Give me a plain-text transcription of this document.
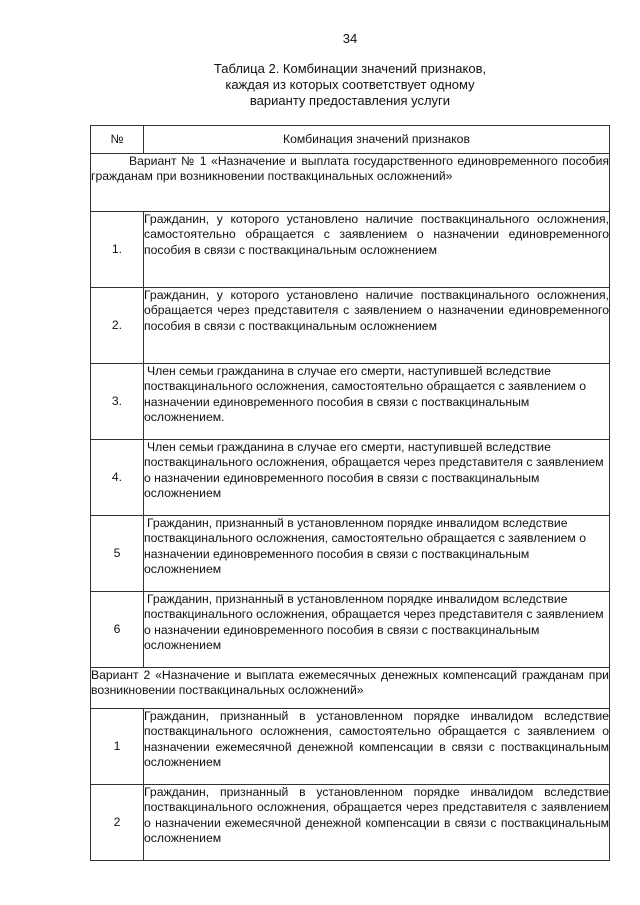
34
Таблица 2. Комбинации значений признаков,
каждая из которых соответствует одному
варианту предоставления услуги
№	Комбинация значений признаков

Вариант № 1 «Назначение и выплата государственного единовременного пособия гражданам при возникновении поствакцинальных осложнений»	

1.	Гражданин, у которого установлено наличие поствакцинального осложнения, самостоятельно обращается с заявлением о назначении единовременного пособия в связи с поствакцинальным осложнением

2.	Гражданин, у которого установлено наличие поствакцинального осложнения, обращается через представителя с заявлением о назначении единовременного пособия в связи с поствакцинальным осложнением

3.	Член семьи гражданина в случае его смерти, наступившей вследствие поствакцинального осложнения, самостоятельно обращается с заявлением о назначении единовременного пособия в связи с поствакцинальным осложнением.

4.	Член семьи гражданина в случае его смерти, наступившей вследствие поствакцинального осложнения, обращается через представителя с заявлением о назначении единовременного пособия в связи с поствакцинальным осложнением

5	Гражданин, признанный в установленном порядке инвалидом вследствие поствакцинального осложнения, самостоятельно обращается с заявлением о назначении единовременного пособия в связи с поствакцинальным осложнением

6	Гражданин, признанный в установленном порядке инвалидом вследствие поствакцинального осложнения, обращается через представителя с заявлением о назначении единовременного пособия в связи с поствакцинальным осложнением

Вариант 2 «Назначение и выплата ежемесячных денежных компенсаций гражданам при возникновении поствакцинальных осложнений»	

1	Гражданин, признанный в установленном порядке инвалидом вследствие поствакцинального осложнения, самостоятельно обращается с заявлением о назначении ежемесячной денежной компенсации в связи с поствакцинальным осложнением

2	Гражданин, признанный в установленном порядке инвалидом вследствие поствакцинального осложнения, обращается через представителя с заявлением о назначении ежемесячной денежной компенсации в связи с поствакцинальным осложнением
